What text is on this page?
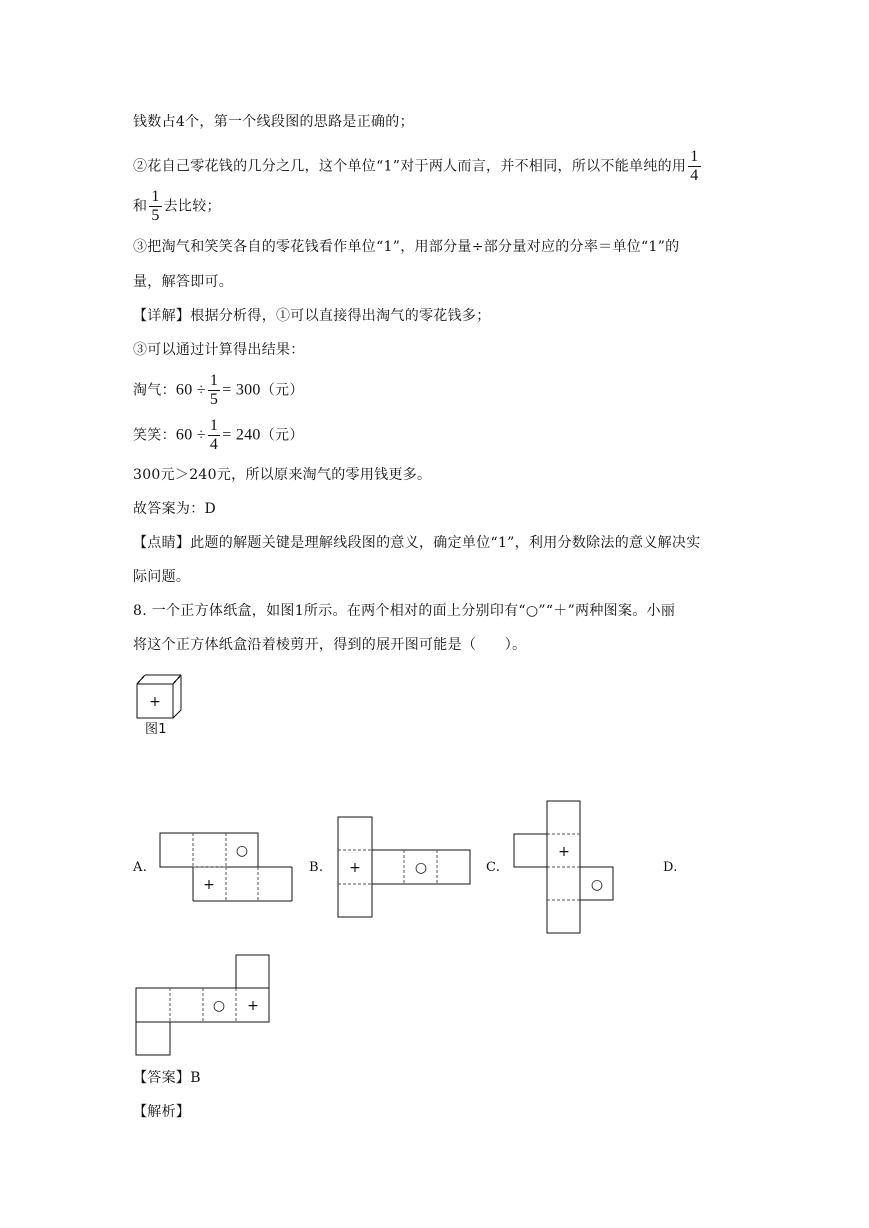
钱数占4个，第一个线段图的思路是正确的；
②花自己零花钱的几分之几，这个单位“1”对于两人而言，并不相同，所以不能单纯的用 $\frac{1}{4}$
和 $\frac{1}{5}$ 去比较；
③把淘气和笑笑各自的零花钱看作单位“1”，用部分量÷部分量对应的分率＝单位“1”的
量，解答即可。
【详解】根据分析得，①可以直接得出淘气的零花钱多；
③可以通过计算得出结果：
淘气：$60 \div \frac{1}{5} = 300$（元）
笑笑：$60 \div \frac{1}{4} = 240$（元）
300元＞240元，所以原来淘气的零用钱更多。
故答案为：D
【点睛】此题的解题关键是理解线段图的意义，确定单位“1”，利用分数除法的意义解决实
际问题。
8. 一个正方体纸盒，如图1所示。在两个相对的面上分别印有“○”“＋”两种图案。小丽
将这个正方体纸盒沿着棱剪开，得到的展开图可能是（　　）。
+
图1
A.	B.	C.	D.
○
+
+	○
+
○
○ +
【答案】B
【解析】
